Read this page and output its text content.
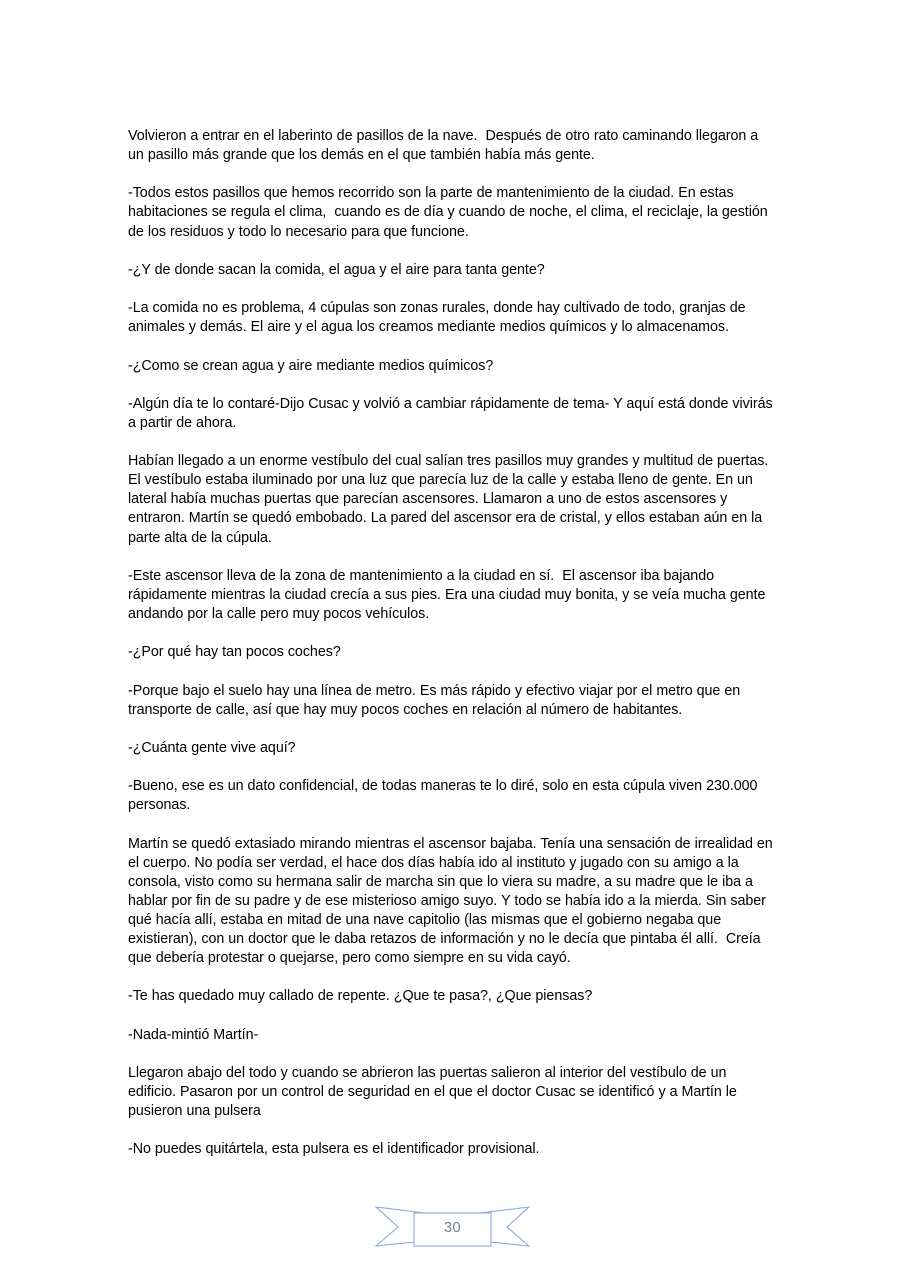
Volvieron a entrar en el laberinto de pasillos de la nave.  Después de otro rato caminando llegaron a un pasillo más grande que los demás en el que también había más gente.

-Todos estos pasillos que hemos recorrido son la parte de mantenimiento de la ciudad. En estas habitaciones se regula el clima,  cuando es de día y cuando de noche, el clima, el reciclaje, la gestión de los residuos y todo lo necesario para que funcione.

-¿Y de donde sacan la comida, el agua y el aire para tanta gente?

-La comida no es problema, 4 cúpulas son zonas rurales, donde hay cultivado de todo, granjas de animales y demás. El aire y el agua los creamos mediante medios químicos y lo almacenamos.

-¿Como se crean agua y aire mediante medios químicos?

-Algún día te lo contaré-Dijo Cusac y volvió a cambiar rápidamente de tema- Y aquí está donde vivirás a partir de ahora.

Habían llegado a un enorme vestíbulo del cual salían tres pasillos muy grandes y multitud de puertas. El vestíbulo estaba iluminado por una luz que parecía luz de la calle y estaba lleno de gente. En un lateral había muchas puertas que parecían ascensores. Llamaron a uno de estos ascensores y entraron. Martín se quedó embobado. La pared del ascensor era de cristal, y ellos estaban aún en la parte alta de la cúpula.

-Este ascensor lleva de la zona de mantenimiento a la ciudad en sí.  El ascensor iba bajando rápidamente mientras la ciudad crecía a sus pies. Era una ciudad muy bonita, y se veía mucha gente andando por la calle pero muy pocos vehículos.

-¿Por qué hay tan pocos coches?

-Porque bajo el suelo hay una línea de metro. Es más rápido y efectivo viajar por el metro que en transporte de calle, así que hay muy pocos coches en relación al número de habitantes.

-¿Cuánta gente vive aquí?

-Bueno, ese es un dato confidencial, de todas maneras te lo diré, solo en esta cúpula viven 230.000 personas.

Martín se quedó extasiado mirando mientras el ascensor bajaba. Tenía una sensación de irrealidad en el cuerpo. No podía ser verdad, el hace dos días había ido al instituto y jugado con su amigo a la consola, visto como su hermana salir de marcha sin que lo viera su madre, a su madre que le iba a hablar por fin de su padre y de ese misterioso amigo suyo. Y todo se había ido a la mierda. Sin saber qué hacía allí, estaba en mitad de una nave capitolio (las mismas que el gobierno negaba que existieran), con un doctor que le daba retazos de información y no le decía que pintaba él allí.  Creía que debería protestar o quejarse, pero como siempre en su vida cayó.

-Te has quedado muy callado de repente. ¿Que te pasa?, ¿Que piensas?

-Nada-mintió Martín-

Llegaron abajo del todo y cuando se abrieron las puertas salieron al interior del vestíbulo de un edificio. Pasaron por un control de seguridad en el que el doctor Cusac se identificó y a Martín le pusieron una pulsera

-No puedes quitártela, esta pulsera es el identificador provisional.

30
